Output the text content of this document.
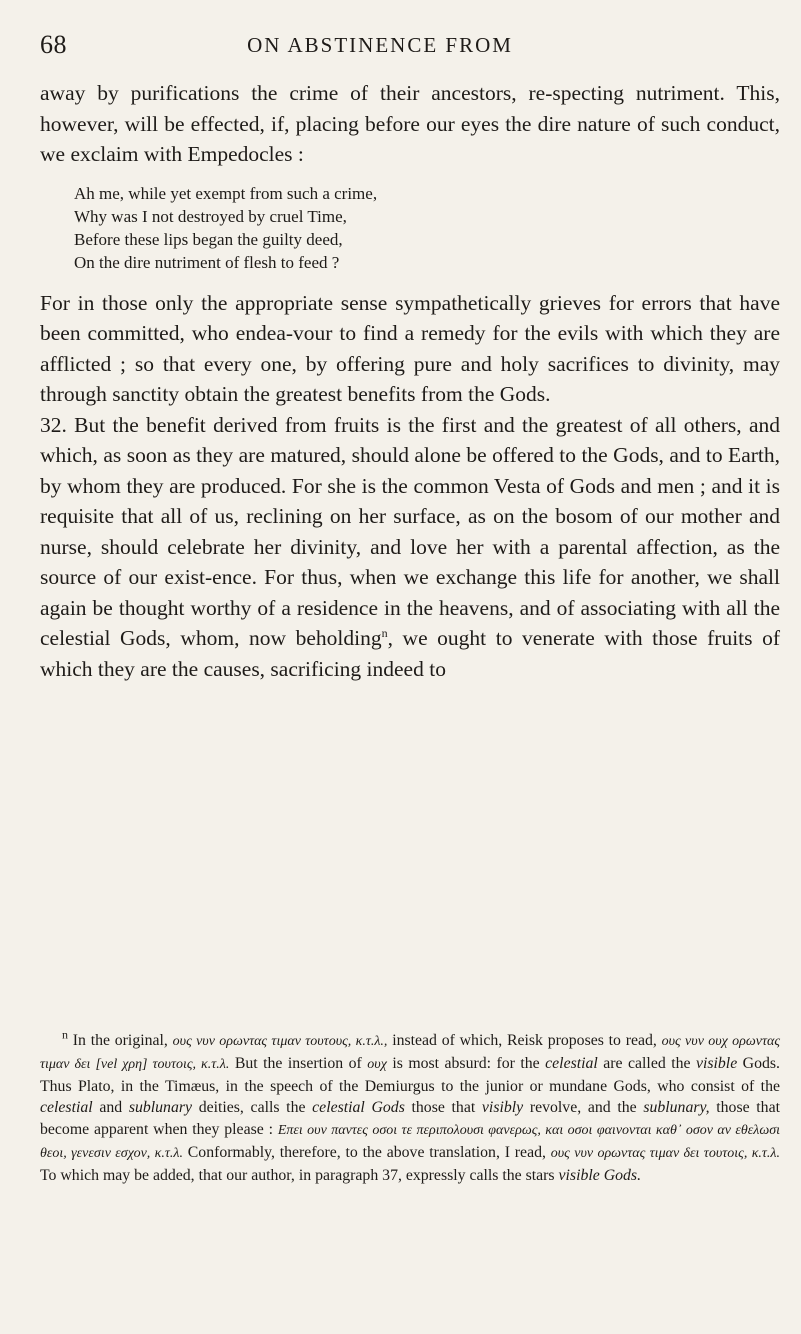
68	ON ABSTINENCE FROM

away by purifications the crime of their ancestors, re-specting nutriment. This, however, will be effected, if, placing before our eyes the dire nature of such conduct, we exclaim with Empedocles :

Ah me, while yet exempt from such a crime,
Why was I not destroyed by cruel Time,
Before these lips began the guilty deed,
On the dire nutriment of flesh to feed ?

For in those only the appropriate sense sympathetically grieves for errors that have been committed, who endea-vour to find a remedy for the evils with which they are afflicted ; so that every one, by offering pure and holy sacrifices to divinity, may through sanctity obtain the greatest benefits from the Gods.

32. But the benefit derived from fruits is the first and the greatest of all others, and which, as soon as they are matured, should alone be offered to the Gods, and to Earth, by whom they are produced. For she is the common Vesta of Gods and men ; and it is requisite that all of us, reclining on her surface, as on the bosom of our mother and nurse, should celebrate her divinity, and love her with a parental affection, as the source of our exist-ence. For thus, when we exchange this life for another, we shall again be thought worthy of a residence in the heavens, and of associating with all the celestial Gods, whom, now beholding$^n$, we ought to venerate with those fruits of which they are the causes, sacrificing indeed to

$^n$ In the original, ους νυν ορωντας τιμαν τουτους, κ.τ.λ., instead of which, Reisk proposes to read, ους νυν ουχ ορωντας τιμαν δει [vel χρη] τουτοις, κ.τ.λ. But the insertion of ουχ is most absurd: for the celestial are called the visible Gods. Thus Plato, in the Timæus, in the speech of the Demiurgus to the junior or mundane Gods, who consist of the celestial and sublunary deities, calls the celestial Gods those that visibly revolve, and the sublunary, those that become apparent when they please : Επει ουν παντες οσοι τε περιπολουσι φανερως, και οσοι φαινονται καθ᾽ οσον αν εθελωσι θεοι, γενεσιν εσχον, κ.τ.λ. Conformably, therefore, to the above translation, I read, ους νυν ορωντας τιμαν δει τουτοις, κ.τ.λ. To which may be added, that our author, in paragraph 37, expressly calls the stars visible Gods.
